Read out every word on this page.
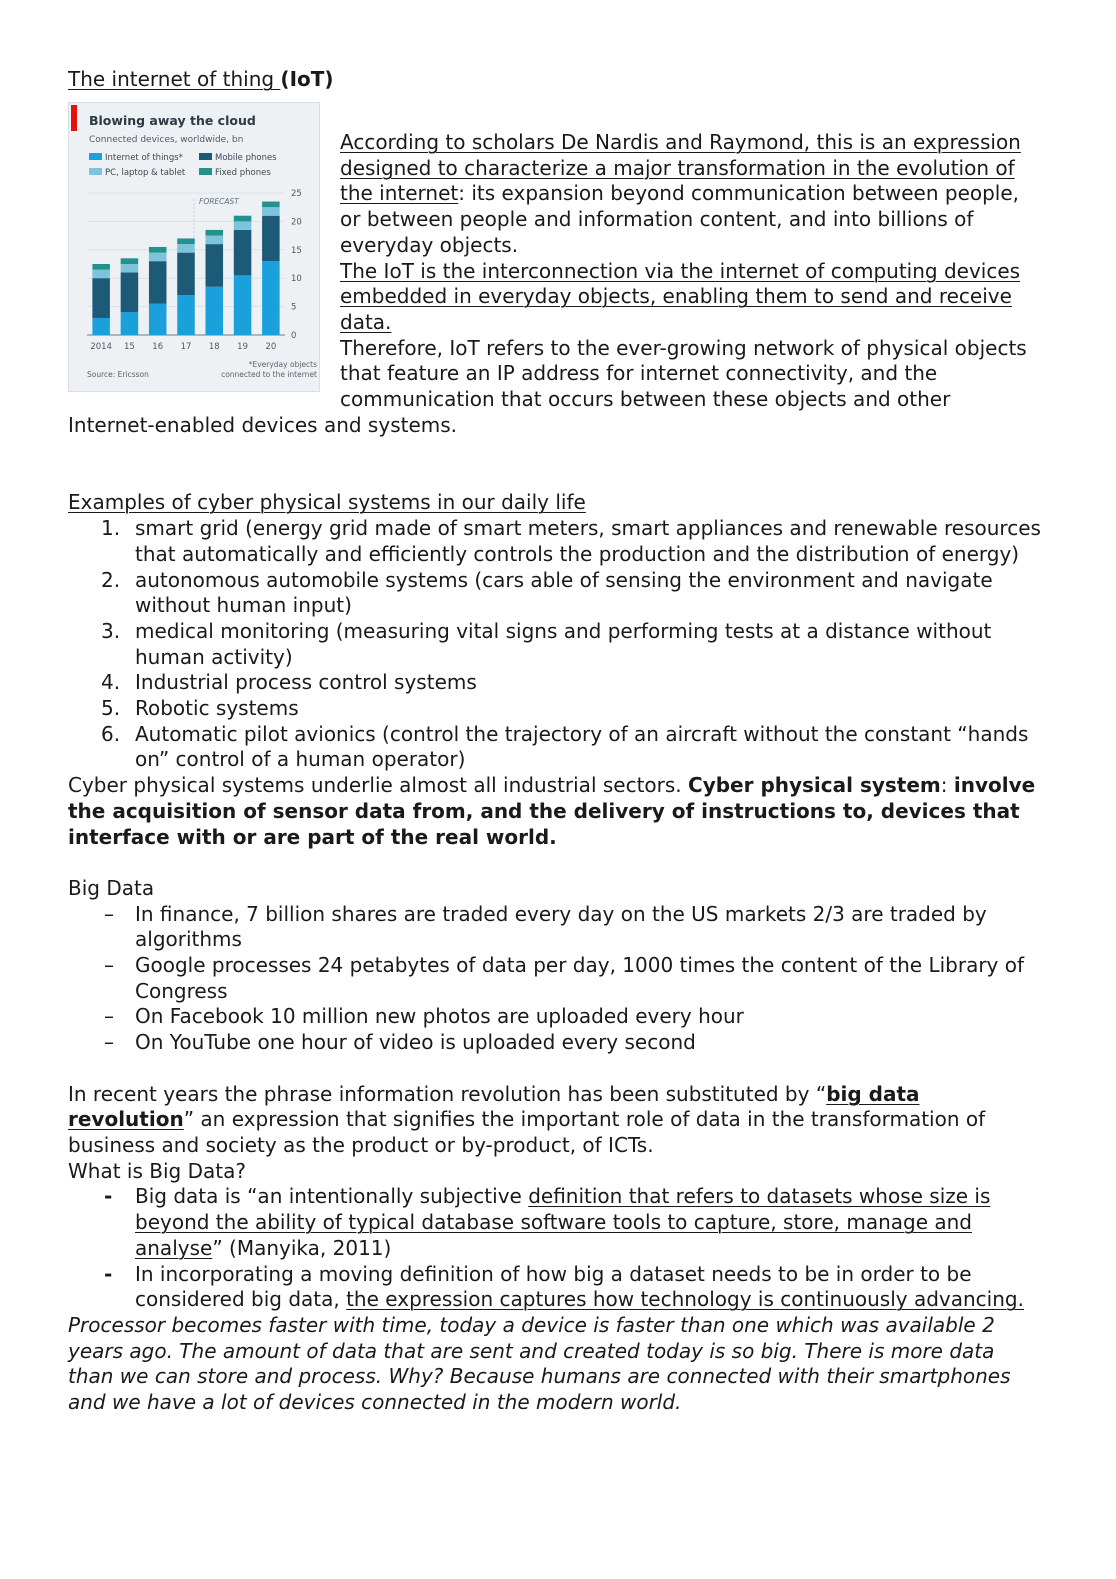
The internet of thing (IoT)
Blowing away the cloud
Connected devices, worldwide, bn
Internet of things*	Mobile phones
PC, laptop & tablet	Fixed phones
FORECAST
2014 15 16 17 18 19 20
0
5
10
15
20
25
*Everyday objects
connected to the internet
Source: Ericsson

According to scholars De Nardis and Raymond, this is an expression designed to characterize a major transformation in the evolution of the internet: its expansion beyond communication between people, or between people and information content, and into billions of everyday objects.

The IoT is the interconnection via the internet of computing devices embedded in everyday objects, enabling them to send and receive data.

Therefore, IoT refers to the ever-growing network of physical objects that feature an IP address for internet connectivity, and the communication that occurs between these objects and other Internet-enabled devices and systems.

Examples of cyber physical systems in our daily life

1. smart grid (energy grid made of smart meters, smart appliances and renewable resources that automatically and efficiently controls the production and the distribution of energy)
2. autonomous automobile systems (cars able of sensing the environment and navigate without human input)
3. medical monitoring (measuring vital signs and performing tests at a distance without human activity)
4. Industrial process control systems
5. Robotic systems
6. Automatic pilot avionics (control the trajectory of an aircraft without the constant “hands on” control of a human operator)

Cyber physical systems underlie almost all industrial sectors. Cyber physical system: involve the acquisition of sensor data from, and the delivery of instructions to, devices that interface with or are part of the real world.

Big Data

–	In finance, 7 billion shares are traded every day on the US markets 2/3 are traded by algorithms
–	Google processes 24 petabytes of data per day, 1000 times the content of the Library of Congress
–	On Facebook 10 million new photos are uploaded every hour
–	On YouTube one hour of video is uploaded every second

In recent years the phrase information revolution has been substituted by “big data revolution” an expression that signifies the important role of data in the transformation of business and society as the product or by-product, of ICTs.

What is Big Data?

-	Big data is “an intentionally subjective definition that refers to datasets whose size is beyond the ability of typical database software tools to capture, store, manage and analyse” (Manyika, 2011)
-	In incorporating a moving definition of how big a dataset needs to be in order to be considered big data, the expression captures how technology is continuously advancing.

Processor becomes faster with time, today a device is faster than one which was available 2 years ago. The amount of data that are sent and created today is so big. There is more data than we can store and process. Why? Because humans are connected with their smartphones and we have a lot of devices connected in the modern world.
